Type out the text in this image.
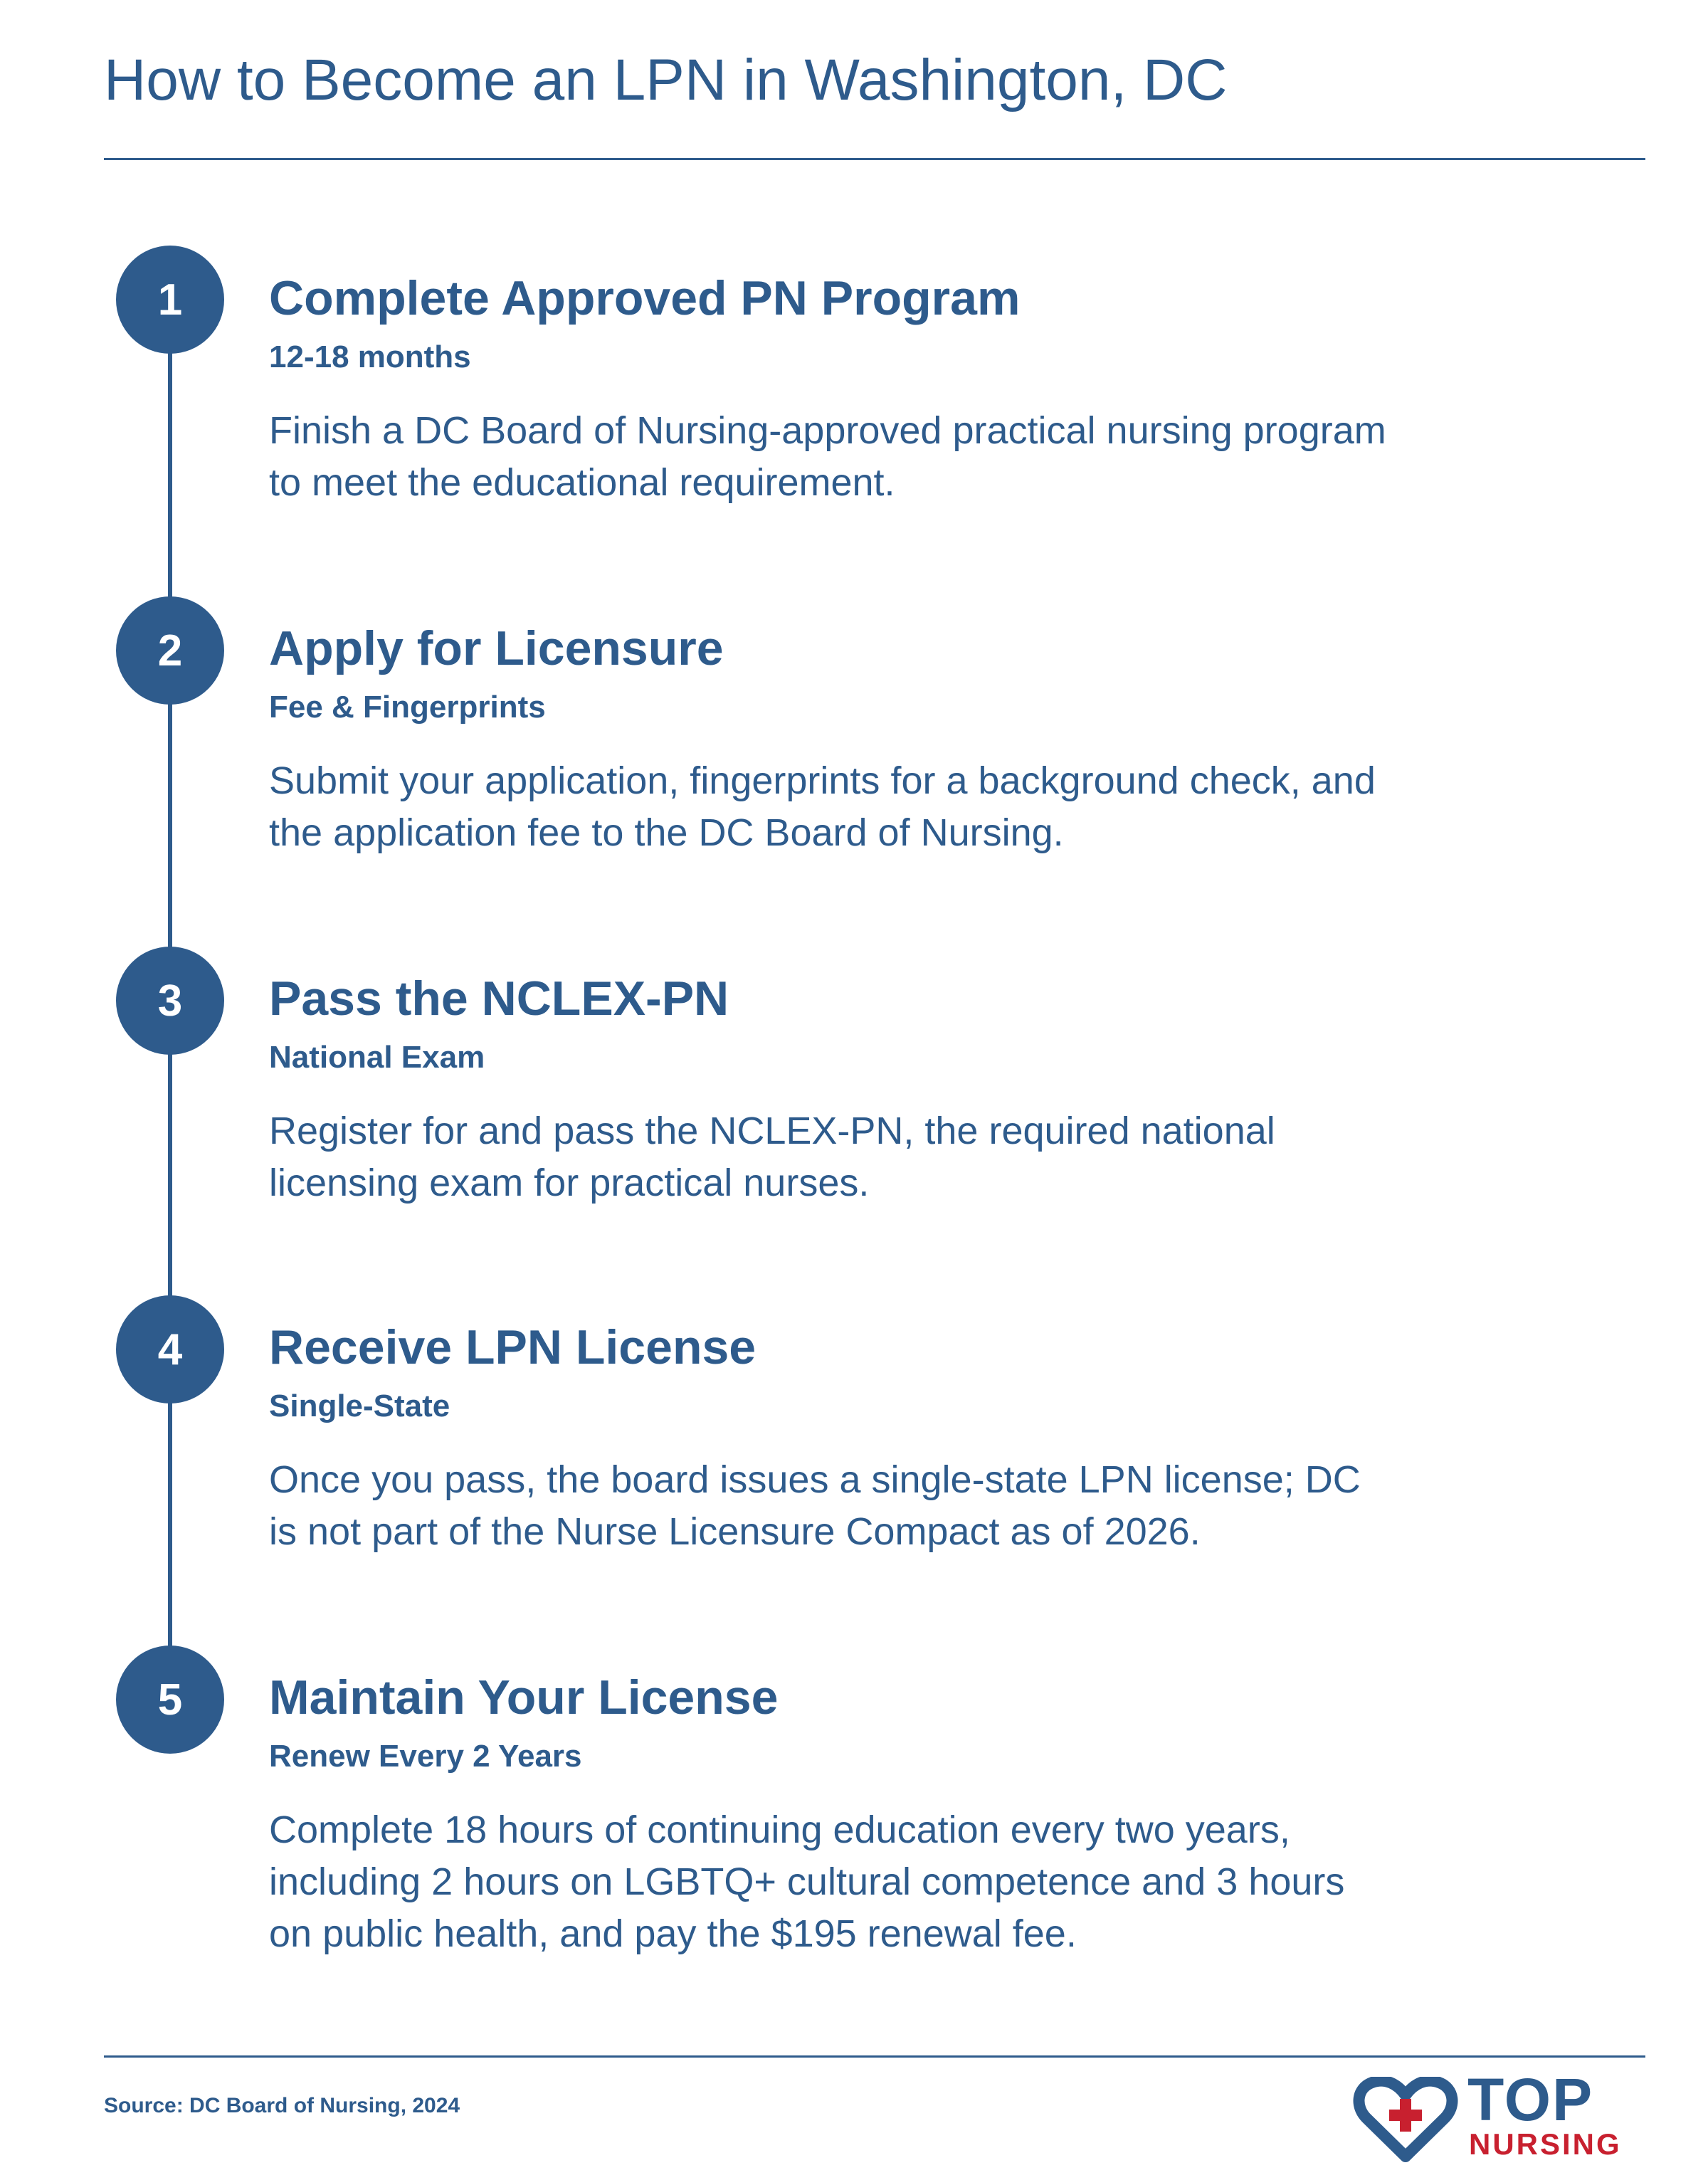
How to Become an LPN in Washington, DC
1	Complete Approved PN Program
12-18 months
Finish a DC Board of Nursing-approved practical nursing program to meet the educational requirement.
2	Apply for Licensure
Fee & Fingerprints
Submit your application, fingerprints for a background check, and the application fee to the DC Board of Nursing.
3	Pass the NCLEX-PN
National Exam
Register for and pass the NCLEX-PN, the required national licensing exam for practical nurses.
4	Receive LPN License
Single-State
Once you pass, the board issues a single-state LPN license; DC is not part of the Nurse Licensure Compact as of 2026.
5	Maintain Your License
Renew Every 2 Years
Complete 18 hours of continuing education every two years, including 2 hours on LGBTQ+ cultural competence and 3 hours on public health, and pay the $195 renewal fee.
Source: DC Board of Nursing, 2024	TOP
NURSING
